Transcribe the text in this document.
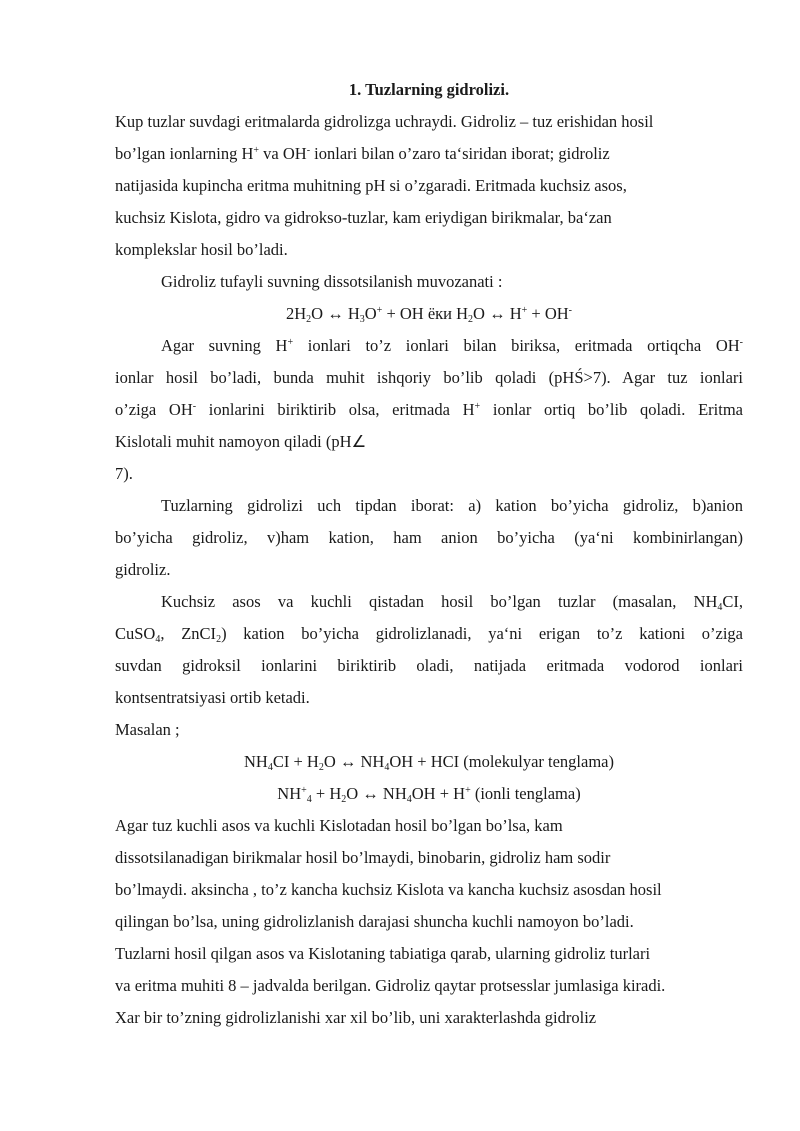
1. Tuzlarning gidrolizi.

Kup tuzlar suvdagi eritmalarda gidrolizga uchraydi. Gidroliz – tuz erishidan hosil
bo’lgan ionlarning H+ va OH- ionlari bilan o’zaro ta‘siridan iborat; gidroliz
natijasida kupincha eritma muhitning pH si o’zgaradi. Eritmada kuchsiz asos,
kuchsiz Kislota, gidro va gidrokso-tuzlar, kam eriydigan birikmalar, ba‘zan
komplekslar hosil bo’ladi.
Gidroliz tufayli suvning dissotsilanish muvozanati :
$2H_2O$ ↔ $H_3O^+$ + OH ёки $H_2O$ ↔ H+ + OH-
Agar suvning H+ ionlari to’z ionlari bilan biriksa, eritmada ortiqcha OH-
ionlar hosil bo’ladi, bunda muhit ishqoriy bo’lib qoladi (pHŚ>7). Agar tuz ionlari
o’ziga OH- ionlarini biriktirib olsa, eritmada H+ ionlar ortiq bo’lib qoladi. Eritma
Kislotali muhit namoyon qiladi (pH∠
7).
Tuzlarning gidrolizi uch tipdan iborat: a) kation bo’yicha gidroliz, b)anion
bo’yicha gidroliz, v)ham kation, ham anion bo’yicha (ya‘ni kombinirlangan)
gidroliz.
Kuchsiz asos va kuchli qistadan hosil bo’lgan tuzlar (masalan, $NH_4CI$,
CuSO$_4$, ZnCI$_2$) kation bo’yicha gidrolizlanadi, ya‘ni erigan to’z kationi o’ziga
suvdan gidroksil ionlarini biriktirib oladi, natijada eritmada vodorod ionlari
kontsentratsiyasi ortib ketadi.
Masalan ;
$NH_4CI + H_2O$ ↔ $NH_4OH$ + HCI (molekulyar tenglama)
$NH^+_4 + H_2O$ ↔ $NH_4OH + H^+$ (ionli tenglama)
Agar tuz kuchli asos va kuchli Kislotadan hosil bo’lgan bo’lsa, kam
dissotsilanadigan birikmalar hosil bo’lmaydi, binobarin, gidroliz ham sodir
bo’lmaydi. aksincha , to’z kancha kuchsiz Kislota va kancha kuchsiz asosdan hosil
qilingan bo’lsa, uning gidrolizlanish darajasi shuncha kuchli namoyon bo’ladi.
Tuzlarni hosil qilgan asos va Kislotaning tabiatiga qarab, ularning gidroliz turlari
va eritma muhiti 8 – jadvalda berilgan. Gidroliz qaytar protsesslar jumlasiga kiradi.
Xar bir to’zning gidrolizlanishi xar xil bo’lib, uni xarakterlashda gidroliz
